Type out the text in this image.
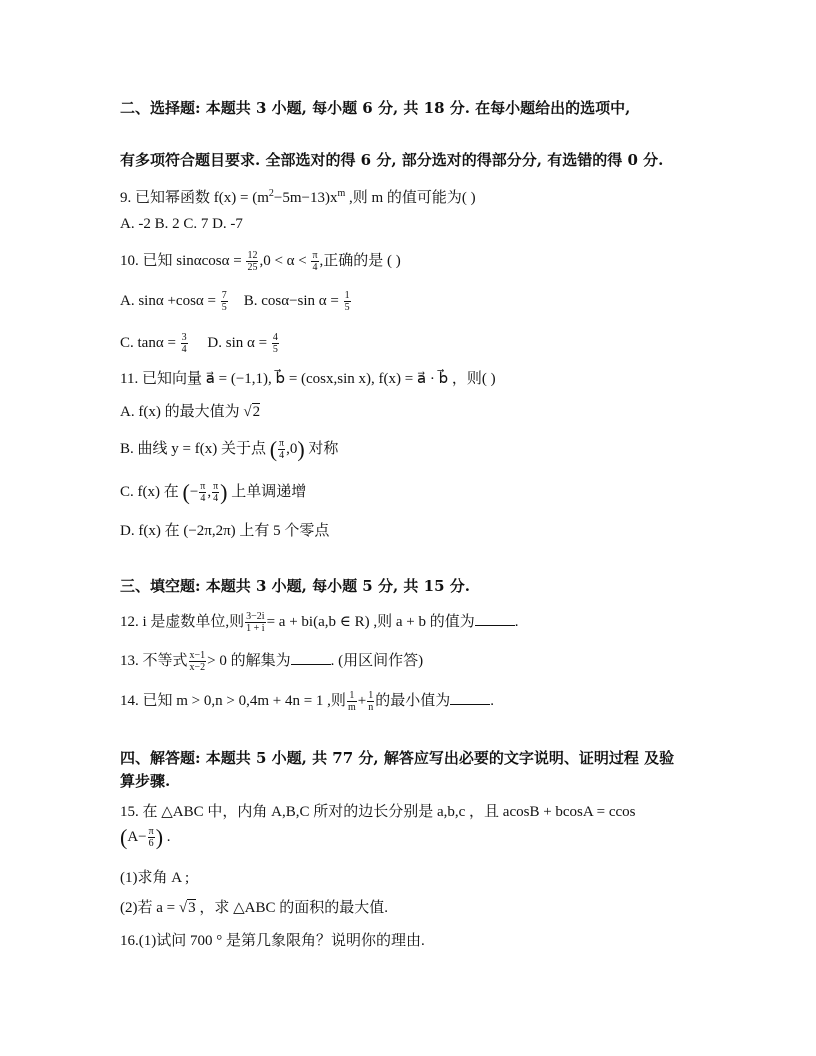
二、选择题: 本题共 3 小题, 每小题 6 分, 共 18 分. 在每小题给出的选项中,
有多项符合题目要求. 全部选对的得 6 分, 部分选对的得部分分, 有选错的得 0 分.
9. 已知幂函数 $f(x) = (m^2-5m-13)x^m$ ,则 m 的值可能为( )
A. -2 B. 2 C. 7 D. -7
10. 已知 $\sin\alpha\cos\alpha = \frac{12}{25} ,0 < \alpha < \frac{\pi}{4}$ ,正确的是 ( )
A. $\sin\alpha +\cos\alpha = \frac{7}{5} B$. cosα−sin $\alpha = \frac{1}{5}$
C. $\tan\alpha = \frac{3}{4} D$. $\sin \alpha = \frac{4}{5}$
11. 已知向量 a⃗ = (−1,1), b⃗ = (cosx,sin x), f(x) = a⃗ · b⃗ ，则( )
A. f(x) 的最大值为 √2
B. 曲线 y = f(x) 关于点 ( $\frac{\pi}{4} ,0$) 对称
C. f(x) 在 (− $\frac{\pi}{4}$ , $\frac{\pi}{4}$ ) 上单调递增
D. f(x) 在 (−2π,2π) 上有 5 个零点
三、填空题: 本题共 3 小题, 每小题 5 分, 共 15 分.
12. i 是虚数单位,则 $\frac{3-2i}{1 + i} = a + bi(a,b$ ∈ R) ,则 a + b 的值为	.
13. 不等式 $\frac{x-1}{x-2} > 0$ 的解集为	. (用区间作答)
14. 已知 m > 0,n > 0,4m + 4n = 1 ,则 $\frac{1}{m} + \frac{1}{n}$ 的最小值为	.
四、解答题: 本题共 5 小题, 共 77 分, 解答应写出必要的文字说明、证明过程 及验
算步骤.
15. 在 △ABC 中，内角 A,B,C 所对的边长分别是 a,b,c ，且 acosB + bcosA = ccos
($A- \frac{\pi}{6}$ ) .
(1)求角 A ;
(2)若 a = √3 ，求 △ABC 的面积的最大值.
16.(1)试问 700 ° 是第几象限角？说明你的理由.
